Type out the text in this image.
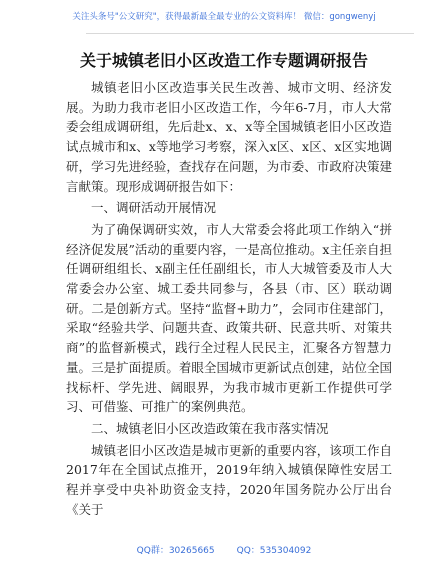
关注头条号"公文研究"，获得最新最全最专业的公文资料库！ 微信：gongwenyj
关于城镇老旧小区改造工作专题调研报告

城镇老旧小区改造事关民生改善、城市文明、经济发展。为助力我市老旧小区改造工作，今年6-7月，市人大常委会组成调研组，先后赴x、x、x等全国城镇老旧小区改造试点城市和x、x等地学习考察，深入x区、x区、x区实地调研，学习先进经验，查找存在问题，为市委、市政府决策建言献策。现形成调研报告如下：

一、调研活动开展情况

为了确保调研实效，市人大常委会将此项工作纳入“拼经济促发展”活动的重要内容，一是高位推动。x主任亲自担任调研组组长、x副主任任副组长，市人大城管委及市人大常委会办公室、城工委共同参与，各县（市、区）联动调研。二是创新方式。坚持“监督+助力”，会同市住建部门，采取“经验共学、问题共查、政策共研、民意共听、对策共商”的监督新模式，践行全过程人民民主，汇聚各方智慧力量。三是扩面提质。着眼全国城市更新试点创建，站位全国找标杆、学先进、阔眼界，为我市城市更新工作提供可学习、可借鉴、可推广的案例典范。

二、城镇老旧小区改造政策在我市落实情况

城镇老旧小区改造是城市更新的重要内容，该项工作自2017年在全国试点推开，2019年纳入城镇保障性安居工程并享受中央补助资金支持，2020年国务院办公厅出台《关于

QQ群：30265665 QQ：535304092
